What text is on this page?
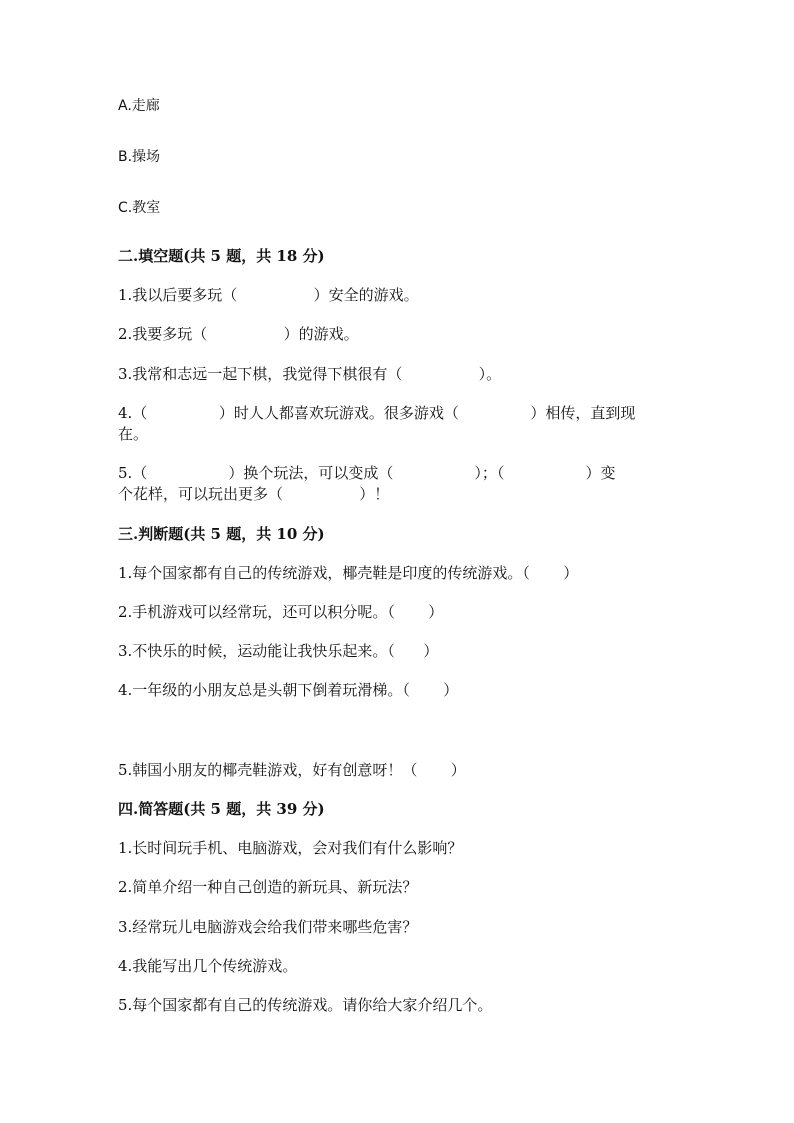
A.走廊
B.操场
C.教室
二.填空题(共 5 题，共 18 分)
1.我以后要多玩（                ）安全的游戏。
2.我要多玩（                ）的游戏。
3.我常和志远一起下棋，我觉得下棋很有（                ）。
4.（               ）时人人都喜欢玩游戏。很多游戏（               ）相传，直到现
在。
5.（                 ）换个玩法，可以变成（                 ）；（                 ）变
个花样，可以玩出更多（                ）！
三.判断题(共 5 题，共 10 分)
1.每个国家都有自己的传统游戏，椰壳鞋是印度的传统游戏。（       ）
2.手机游戏可以经常玩，还可以积分呢。（       ）
3.不快乐的时候，运动能让我快乐起来。（      ）
4.一年级的小朋友总是头朝下倒着玩滑梯。（       ）
5.韩国小朋友的椰壳鞋游戏，好有创意呀！（       ）
四.简答题(共 5 题，共 39 分)
1.长时间玩手机、电脑游戏，会对我们有什么影响？
2.简单介绍一种自己创造的新玩具、新玩法？
3.经常玩儿电脑游戏会给我们带来哪些危害？
4.我能写出几个传统游戏。
5.每个国家都有自己的传统游戏。请你给大家介绍几个。
